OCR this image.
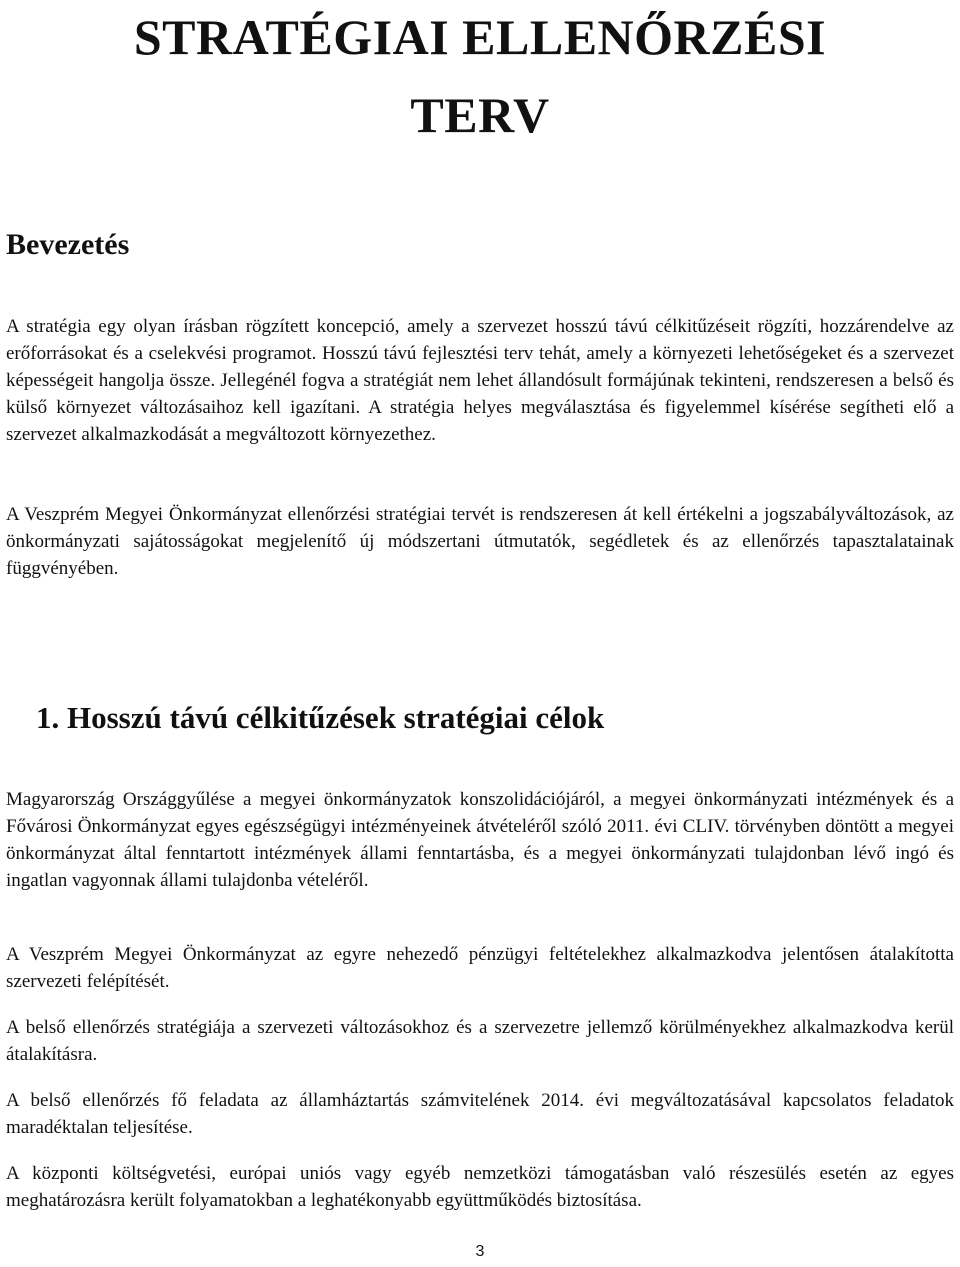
STRATÉGIAI ELLENŐRZÉSI
TERV
Bevezetés

A stratégia egy olyan írásban rögzített koncepció, amely a szervezet hosszú távú célkitűzéseit rögzíti, hozzárendelve az erőforrásokat és a cselekvési programot. Hosszú távú fejlesztési terv tehát, amely a környezeti lehetőségeket és a szervezet képességeit hangolja össze. Jellegénél fogva a stratégiát nem lehet állandósult formájúnak tekinteni, rendszeresen a belső és külső környezet változásaihoz kell igazítani. A stratégia helyes megválasztása és figyelemmel kísérése segítheti elő a szervezet alkalmazkodását a megváltozott környezethez.

A Veszprém Megyei Önkormányzat ellenőrzési stratégiai tervét is rendszeresen át kell értékelni a jogszabályváltozások, az önkormányzati sajátosságokat megjelenítő új módszertani útmutatók, segédletek és az ellenőrzés tapasztalatainak függvényében.

1. Hosszú távú célkitűzések stratégiai célok

Magyarország Országgyűlése a megyei önkormányzatok konszolidációjáról, a megyei önkormányzati intézmények és a Fővárosi Önkormányzat egyes egészségügyi intézményeinek átvételéről szóló 2011. évi CLIV. törvényben döntött a megyei önkormányzat által fenntartott intézmények állami fenntartásba, és a megyei önkormányzati tulajdonban lévő ingó és ingatlan vagyonnak állami tulajdonba vételéről.

A Veszprém Megyei Önkormányzat az egyre nehezedő pénzügyi feltételekhez alkalmazkodva jelentősen átalakította szervezeti felépítését.

A belső ellenőrzés stratégiája a szervezeti változásokhoz és a szervezetre jellemző körülményekhez alkalmazkodva kerül átalakításra.

A belső ellenőrzés fő feladata az államháztartás számvitelének 2014. évi megváltozatásával kapcsolatos feladatok maradéktalan teljesítése.

A központi költségvetési, európai uniós vagy egyéb nemzetközi támogatásban való részesülés esetén az egyes meghatározásra került folyamatokban a leghatékonyabb együttműködés biztosítása.

3
